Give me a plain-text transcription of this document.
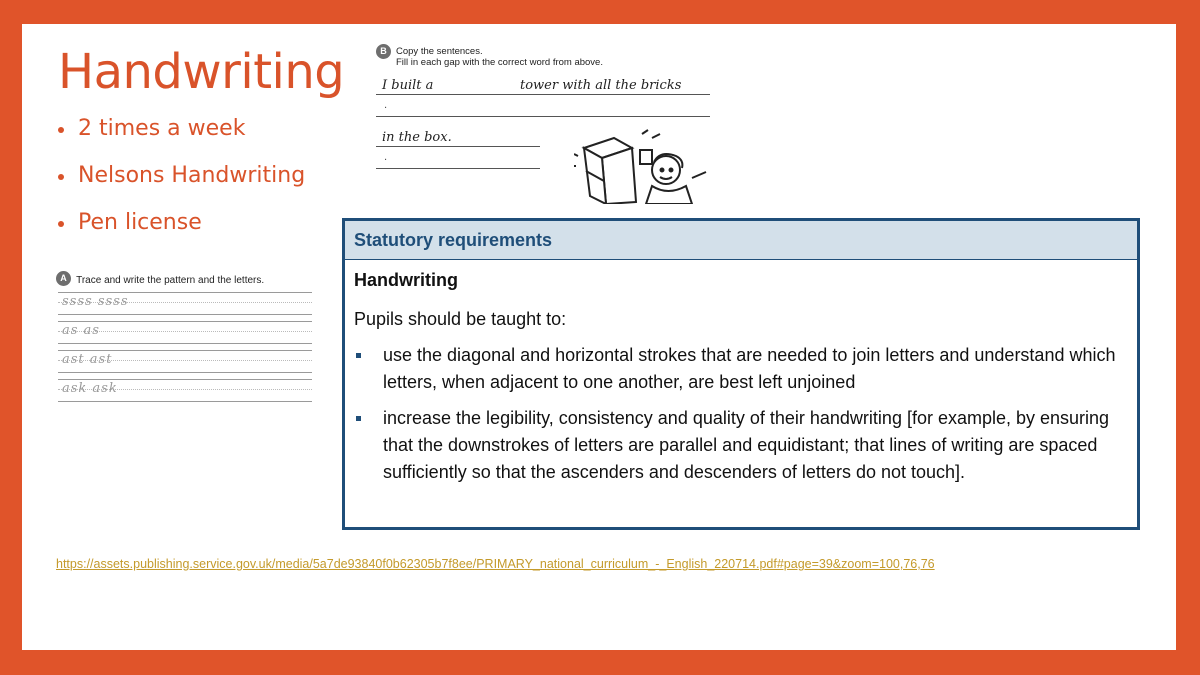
Handwriting
2 times a week
Nelsons Handwriting
Pen license
A Trace and write the pattern and the letters.
ssss ssss
as as
ast ast
ask ask
B Copy the sentences.
Fill in each gap with the correct word from above.
I built a	tower with all the bricks
.
in the box.
.
Statutory requirements
Handwriting
Pupils should be taught to:
use the diagonal and horizontal strokes that are needed to join letters and understand which letters, when adjacent to one another, are best left unjoined
increase the legibility, consistency and quality of their handwriting [for example, by ensuring that the downstrokes of letters are parallel and equidistant; that lines of writing are spaced sufficiently so that the ascenders and descenders of letters do not touch].
https://assets.publishing.service.gov.uk/media/5a7de93840f0b62305b7f8ee/PRIMARY_national_curriculum_-_English_220714.pdf#page=39&zoom=100,76,76
